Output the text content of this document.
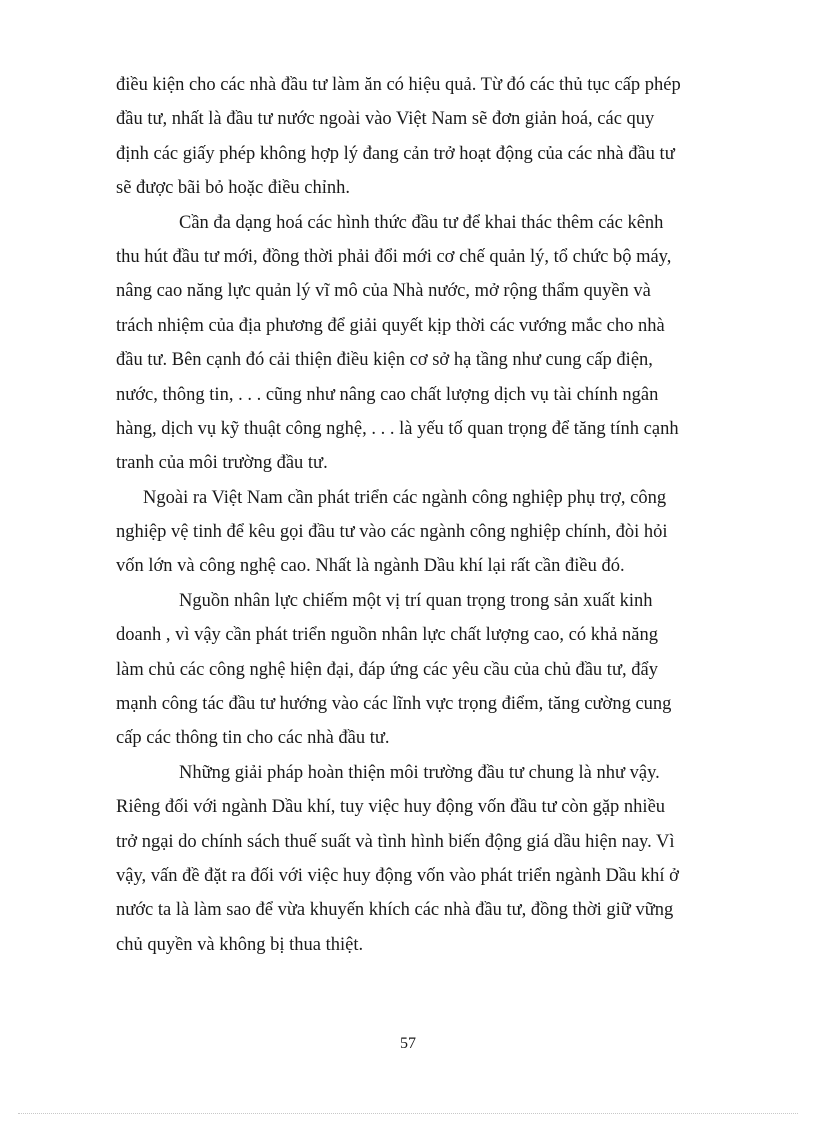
điều kiện cho các nhà đầu tư làm ăn có hiệu quả. Từ đó các thủ tục cấp phép

đầu tư, nhất là đầu tư nước ngoài vào Việt Nam sẽ đơn giản hoá, các quy

định các giấy phép không hợp lý đang cản trở hoạt động của các nhà đầu tư

sẽ được bãi bỏ hoặc điều chỉnh.

Cần đa dạng hoá các hình thức đầu tư để khai thác thêm các kênh

thu hút đầu tư mới, đồng thời phải đổi mới cơ chế quản lý, tổ chức bộ máy,

nâng cao năng lực quản lý vĩ mô của Nhà nước, mở rộng thẩm quyền và

trách nhiệm của địa phương để giải quyết kịp thời các vướng mắc cho nhà

đầu tư. Bên cạnh đó cải thiện điều kiện cơ sở hạ tầng như cung cấp điện,

nước, thông tin, . . . cũng như nâng cao chất lượng dịch vụ tài chính ngân

hàng, dịch vụ kỹ thuật công nghệ, . . . là yếu tố quan trọng để tăng tính cạnh

tranh của môi trường đầu tư.

Ngoài ra Việt Nam cần phát triển các ngành công nghiệp phụ trợ, công

nghiệp vệ tinh để kêu gọi đầu tư vào các ngành công nghiệp chính, đòi hỏi

vốn lớn và công nghệ cao. Nhất là ngành Dầu khí lại rất cần điều đó.

Nguồn nhân lực chiếm một vị trí quan trọng trong sản xuất kinh

doanh , vì vậy cần phát triển nguồn nhân lực chất lượng cao, có khả năng

làm chủ các công nghệ hiện đại, đáp ứng các yêu cầu của chủ đầu tư, đẩy

mạnh công tác đầu tư hướng vào các lĩnh vực trọng điểm, tăng cường cung

cấp các thông tin cho các nhà đầu tư.

Những giải pháp hoàn thiện môi trường đầu tư chung là như vậy.

Riêng đối với ngành Dầu khí, tuy việc huy động vốn đầu tư còn gặp nhiều

trở ngại do chính sách thuế suất và tình hình biến động giá dầu hiện nay. Vì

vậy, vấn đề đặt ra đối với việc huy động vốn vào phát triển ngành Dầu khí ở

nước ta là làm sao để vừa khuyến khích các nhà đầu tư, đồng thời giữ vững

chủ quyền và không bị thua thiệt.

57
